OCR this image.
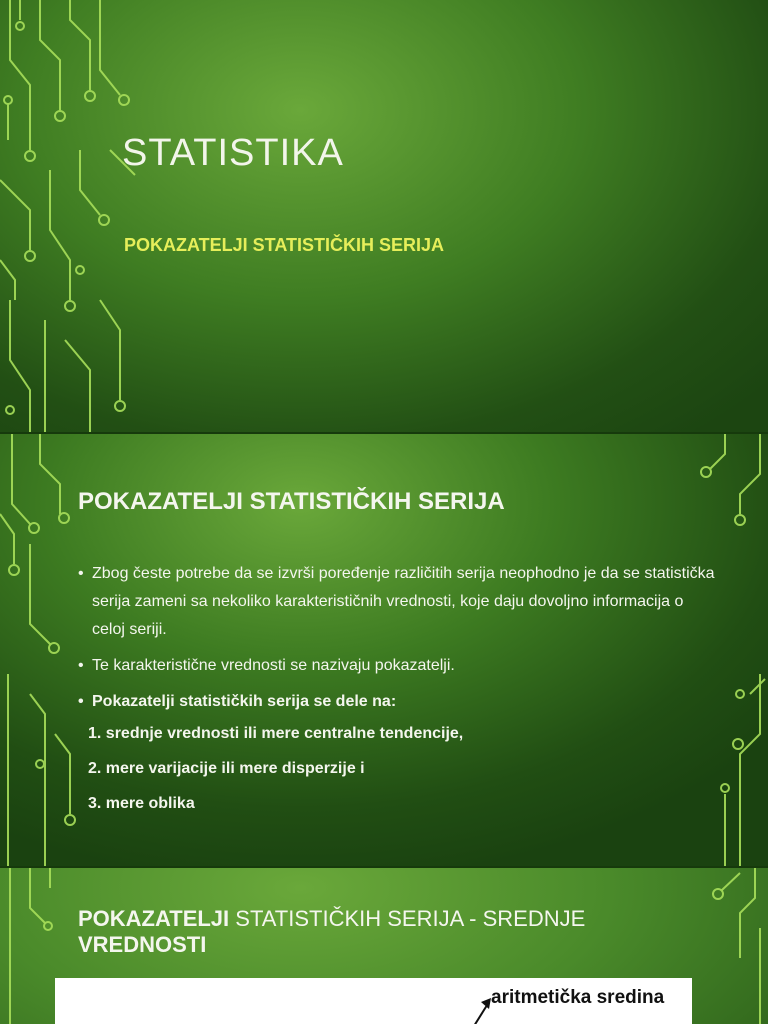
STATISTIKA
POKAZATELJI STATISTIČKIH SERIJA
POKAZATELJI STATISTIČKIH SERIJA
• Zbog česte potrebe da se izvrši poređenje različitih serija neophodno je da se statistička serija zameni sa nekoliko karakterističnih vrednosti, koje daju dovoljno informacija o celoj seriji.
• Te karakteristične vrednosti se nazivaju pokazatelji.
• Pokazatelji statističkih serija se dele na:
1. srednje vrednosti ili mere centralne tendencije,
2. mere varijacije ili mere disperzije i
3. mere oblika
POKAZATELJI STATISTIČKIH SERIJA - SREDNJE
VREDNOSTI
aritmetička sredina
